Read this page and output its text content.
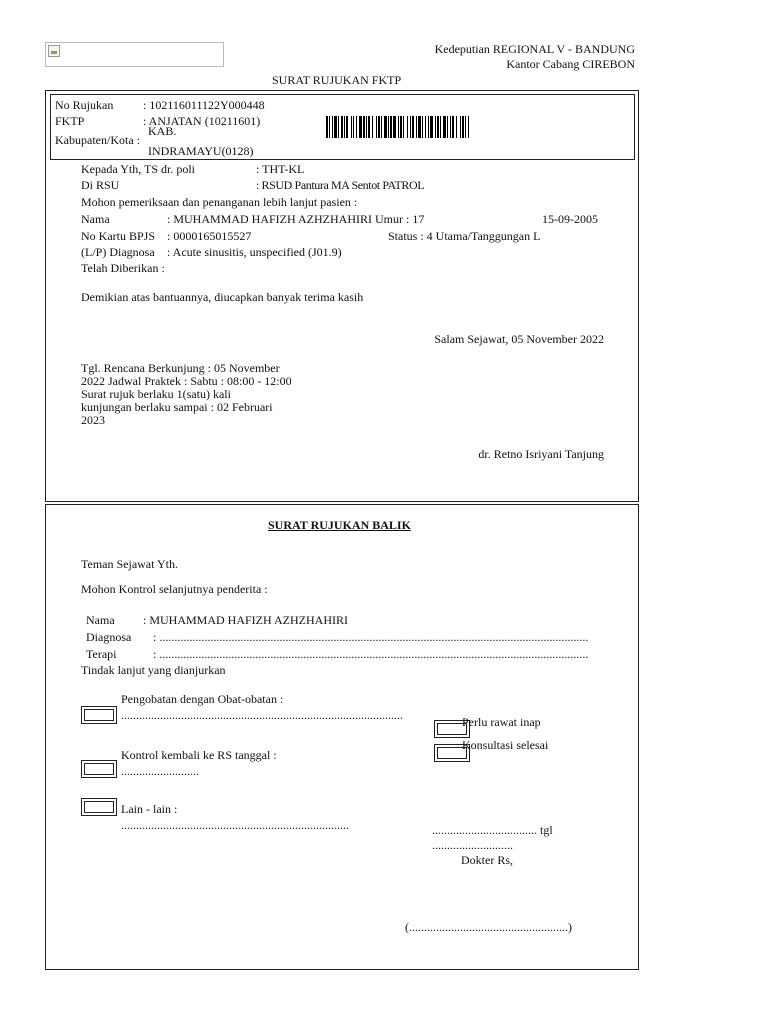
Kedeputian REGIONAL V - BANDUNG
Kantor Cabang CIREBON
SURAT RUJUKAN FKTP
No Rujukan : 102116011122Y000448
FKTP	: ANJATAN (10211601)
Kabupaten/Kota :
KAB.
INDRAMAYU(0128)
Kepada Yth, TS dr. poli	: THT-KL
Di RSU	: RSUD Pantura MA Sentot PATROL
Mohon pemeriksaan dan penanganan lebih lanjut pasien :
Nama	: MUHAMMAD HAFIZH AZHZHAHIRI Umur : 17	15-09-2005
No Kartu BPJS : 0000165015527	Status : 4 Utama/Tanggungan L
(L/P) Diagnosa : Acute sinusitis, unspecified (J01.9)
Telah Diberikan :
Demikian atas bantuannya, diucapkan banyak terima kasih
Salam Sejawat, 05 November 2022
Tgl. Rencana Berkunjung : 05 November
2022 Jadwal Praktek : Sabtu : 08:00 - 12:00
Surat rujuk berlaku 1(satu) kali
kunjungan berlaku sampai : 02 Februari
2023
dr. Retno Isriyani Tanjung
SURAT RUJUKAN BALIK
Teman Sejawat Yth.
Mohon Kontrol selanjutnya penderita :
Nama : MUHAMMAD HAFIZH AZHZHAHIRI
Diagnosa : ...............................................................................................................................................
Terapi	: ...............................................................................................................................................
Tindak lanjut yang dianjurkan
Pengobatan dengan Obat-obatan :
..............................................................................................
Kontrol kembali ke RS tanggal :
..........................
Lain - lain :
............................................................................
Perlu rawat inap
Konsultasi selesai
................................... tgl
...........................
Dokter Rs,
(.....................................................)
